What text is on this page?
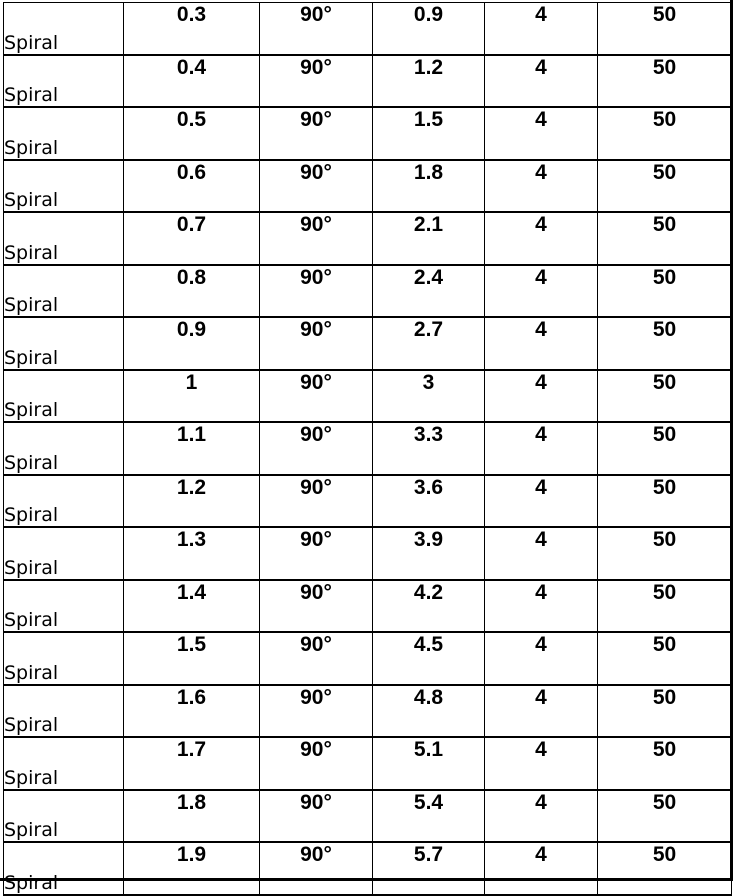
Spiral	0.3	90°	0.9	4	50
Spiral	0.4	90°	1.2	4	50
Spiral	0.5	90°	1.5	4	50
Spiral	0.6	90°	1.8	4	50
Spiral	0.7	90°	2.1	4	50
Spiral	0.8	90°	2.4	4	50
Spiral	0.9	90°	2.7	4	50
Spiral	1	90°	3	4	50
Spiral	1.1	90°	3.3	4	50
Spiral	1.2	90°	3.6	4	50
Spiral	1.3	90°	3.9	4	50
Spiral	1.4	90°	4.2	4	50
Spiral	1.5	90°	4.5	4	50
Spiral	1.6	90°	4.8	4	50
Spiral	1.7	90°	5.1	4	50
Spiral	1.8	90°	5.4	4	50
Spiral	1.9	90°	5.7	4	50
